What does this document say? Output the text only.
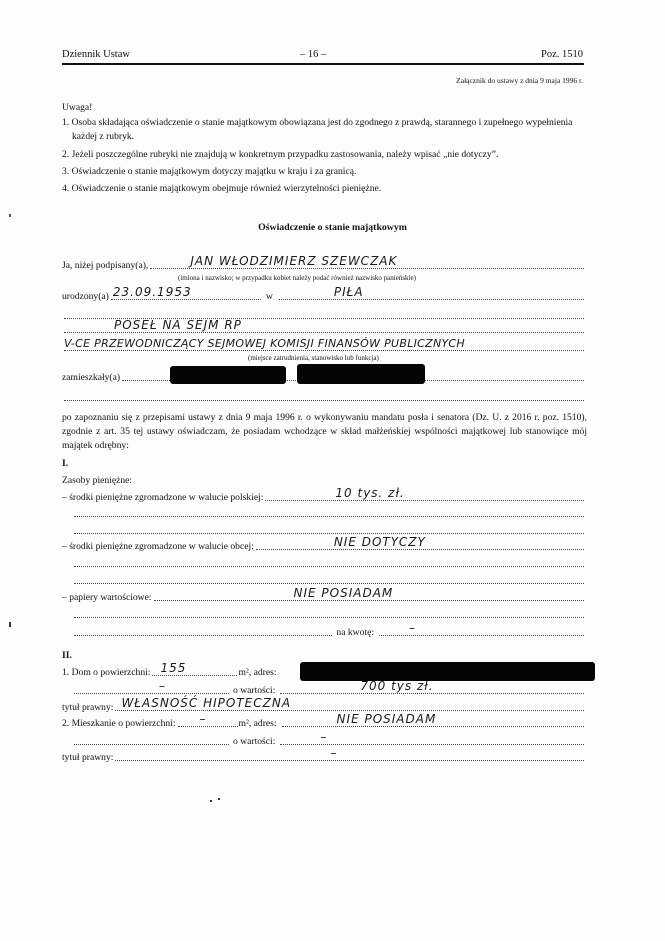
Dziennik Ustaw	– 16 –	Poz. 1510
Załącznik do ustawy z dnia 9 maja 1996 r.
Uwaga!
1. Osoba składająca oświadczenie o stanie majątkowym obowiązana jest do zgodnego z prawdą, starannego i zupełnego wypełnienia każdej z rubryk.
2. Jeżeli poszczególne rubryki nie znajdują w konkretnym przypadku zastosowania, należy wpisać „nie dotyczy”.
3. Oświadczenie o stanie majątkowym dotyczy majątku w kraju i za granicą.
4. Oświadczenie o stanie majątkowym obejmuje również wierzytelności pieniężne.
Oświadczenie o stanie majątkowym
Ja, niżej podpisany(a),	JAN WŁODZIMIERZ SZEWCZAK
(imiona i nazwisko; w przypadku kobiet należy podać również nazwisko panieńskie)
urodzony(a) 23.09.1953	w	PIŁA
POSEŁ NA SEJM RP
V-CE PRZEWODNICZĄCY SEJMOWEJ KOMISJI FINANSÓW PUBLICZNYCH
(miejsce zatrudnienia, stanowisko lub funkcja)
zamieszkały(a)
po zapoznaniu się z przepisami ustawy z dnia 9 maja 1996 r. o wykonywaniu mandatu posła i senatora (Dz. U. z 2016 r. poz. 1510), zgodnie z art. 35 tej ustawy oświadczam, że posiadam wchodzące w skład małżeńskiej wspólności majątkowej lub stanowiące mój majątek odrębny:
I.
Zasoby pieniężne:
– środki pieniężne zgromadzone w walucie polskiej:	10 tys. zł.
– środki pieniężne zgromadzone w walucie obcej:	NIE DOTYCZY
– papiery wartościowe:	NIE POSIADAM
na kwotę:	–
II.
1. Dom o powierzchni: 155	m², adres:
–	o wartości:	700 tys zł.
tytuł prawny: WŁASNOŚĆ HIPOTECZNA
2. Mieszkanie o powierzchni: –	m², adres:	NIE POSIADAM
o wartości:	–
tytuł prawny:	–
